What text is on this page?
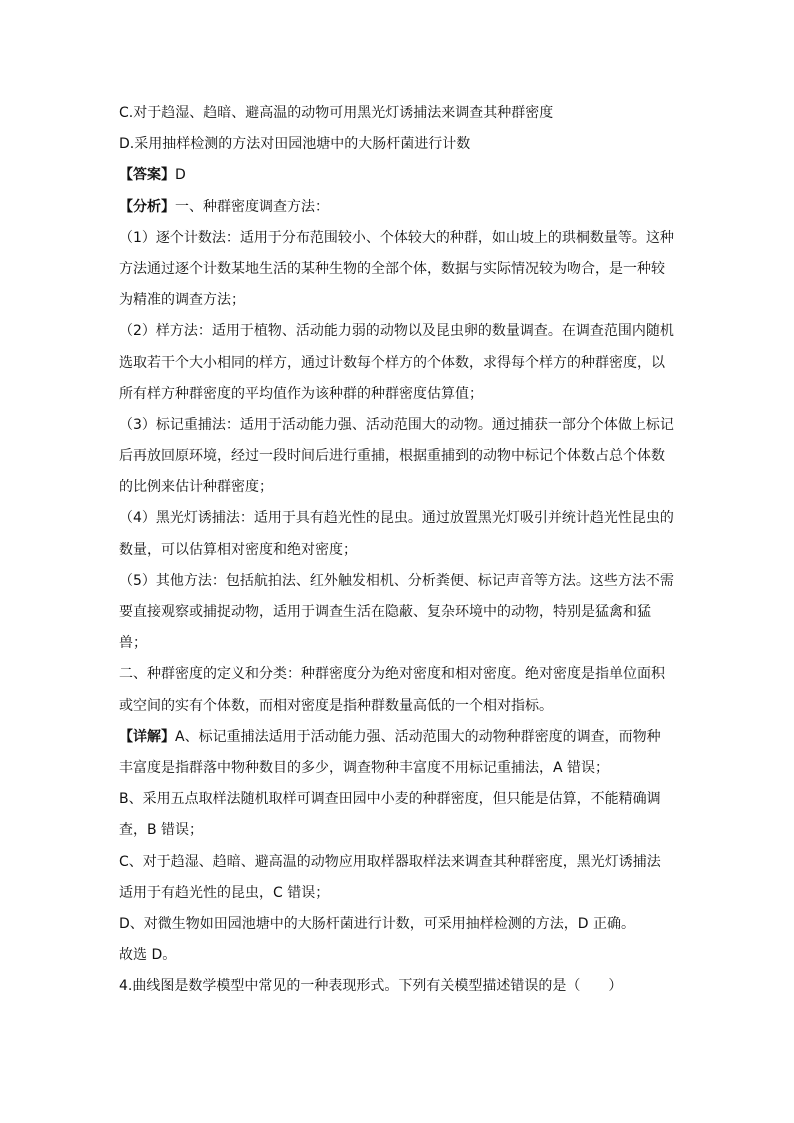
C.对于趋湿、趋暗、避高温的动物可用黑光灯诱捕法来调查其种群密度
D.采用抽样检测的方法对田园池塘中的大肠杆菌进行计数
【答案】D
【分析】一、种群密度调查方法：
（1）逐个计数法：适用于分布范围较小、个体较大的种群，如山坡上的珙桐数量等。这种
方法通过逐个计数某地生活的某种生物的全部个体，数据与实际情况较为吻合，是一种较
为精准的调查方法；
（2）样方法：适用于植物、活动能力弱的动物以及昆虫卵的数量调查。在调查范围内随机
选取若干个大小相同的样方，通过计数每个样方的个体数，求得每个样方的种群密度，以
所有样方种群密度的平均值作为该种群的种群密度估算值；
（3）标记重捕法：适用于活动能力强、活动范围大的动物。通过捕获一部分个体做上标记
后再放回原环境，经过一段时间后进行重捕，根据重捕到的动物中标记个体数占总个体数
的比例来估计种群密度；
（4）黑光灯诱捕法：适用于具有趋光性的昆虫。通过放置黑光灯吸引并统计趋光性昆虫的
数量，可以估算相对密度和绝对密度；
（5）其他方法：包括航拍法、红外触发相机、分析粪便、标记声音等方法。这些方法不需
要直接观察或捕捉动物，适用于调查生活在隐蔽、复杂环境中的动物，特别是猛禽和猛
兽；
二、种群密度的定义和分类：种群密度分为绝对密度和相对密度。绝对密度是指单位面积
或空间的实有个体数，而相对密度是指种群数量高低的一个相对指标。
【详解】A、标记重捕法适用于活动能力强、活动范围大的动物种群密度的调查，而物种
丰富度是指群落中物种数目的多少，调查物种丰富度不用标记重捕法，A 错误；
B、采用五点取样法随机取样可调查田园中小麦的种群密度，但只能是估算，不能精确调
查，B 错误；
C、对于趋湿、趋暗、避高温的动物应用取样器取样法来调查其种群密度，黑光灯诱捕法
适用于有趋光性的昆虫，C 错误；
D、对微生物如田园池塘中的大肠杆菌进行计数，可采用抽样检测的方法，D 正确。
故选 D。
4.曲线图是数学模型中常见的一种表现形式。下列有关模型描述错误的是（　　）
